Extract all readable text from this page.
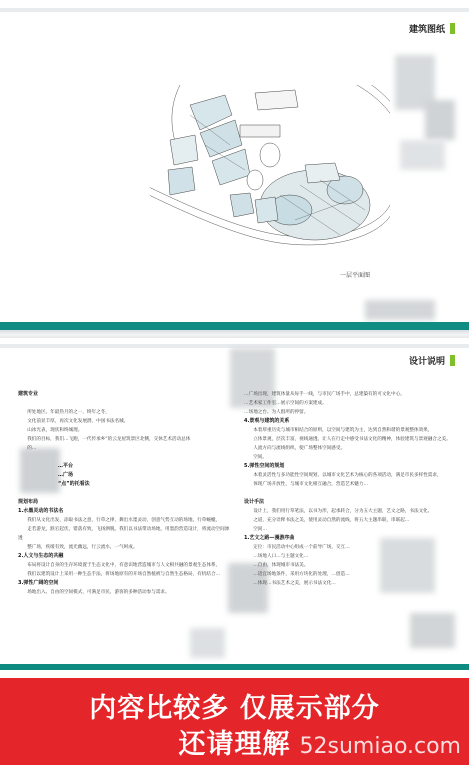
建筑图纸
一层平面图
设计说明

建筑专业

　　所处地区。年最热月的之一，终年之冬，

　　文化前显丰厚，再次文化发展潜，中国书法名城。

　　山冰光表，现状和终城理。

　　我们的目标，我们…飞跑，一代传承乡“的云龙屋筑景区北侧，交休艺术活动总体

　　的…

　　　　　　　　…平台

　　　　　　　　…广场

　　　　　　　　“点”的托看法

规划布局

1.水墨灵动的书法名

　　我们从文化出发，添取书法之意，行草之律，舞出水墨灵动，创意气势互动的场地，行草蜿蜒，

　　走若游龙，跌宕起伏，错落有致，飞扬洒脱。我们以书法带动场地，用墨韵营造设计，将流动空间渗透

　　整广场，疾缓有致，流光幽远，行云流水，一气呵成。

2.人文与生态的共融

　　布局将设计自身的生存环境置于生态文化中，有意识地营造城市与人文相共融的景观生态体系，

　　我们以建筑设计上采用一种生态手法，将场地原有的开场自然植被与自然生态格局，有机结合…

3.弹性广阔的空间

　　场地出入、自由的空间模式，可满足市民、游客的多种活动参与需求。

…广场出现，建筑体量从每手一线，与市民广场手中，总建築有的可文化中心。

…艺术家工作室…展示空间的方案建成。

…场地之台。为人群所的停留。

4.景观与建筑的关系

　　本着厚重历史与城市相结合的原则，以空间与建筑为主，达到自然和谐的景观整体效果，

　　立体景观，层次丰富，视线通透。让人在行走中感受书法文化的精神，体验建筑与景观融合之美。

　　人流方向与流线组织，使广场整体空间感受。

　　空间。

5.弹性空间的规划

　　本着灵活性与多功能性空间规划，以城市文化艺术为核心的各项活动，满足市民多样性需求，

　　体现广场开放性，与城市文化相互融合，营造艺术魅力…

设计手法

　　设计上，我们用行草笔法，以书为形，起承转合，分为五大主题，艺文之路，书法文化、

　　之道，充分诠释书法之美，使用灵动自然的流线，将五大主题串联，串联起…

　　空间…

1.艺文之路—漫游序曲

　　定位：市民活动中心组成一个前导广场，交互…

　　…场地人口…与主题文化…

　　…自由，体现城市书法美。

　　…适宜场地条件，采用方块化的处理，…创造…

　　…体现…书法艺术之美，展示书法文化…

内容比较多 仅展示部分
还请理解 52sumiao.com
